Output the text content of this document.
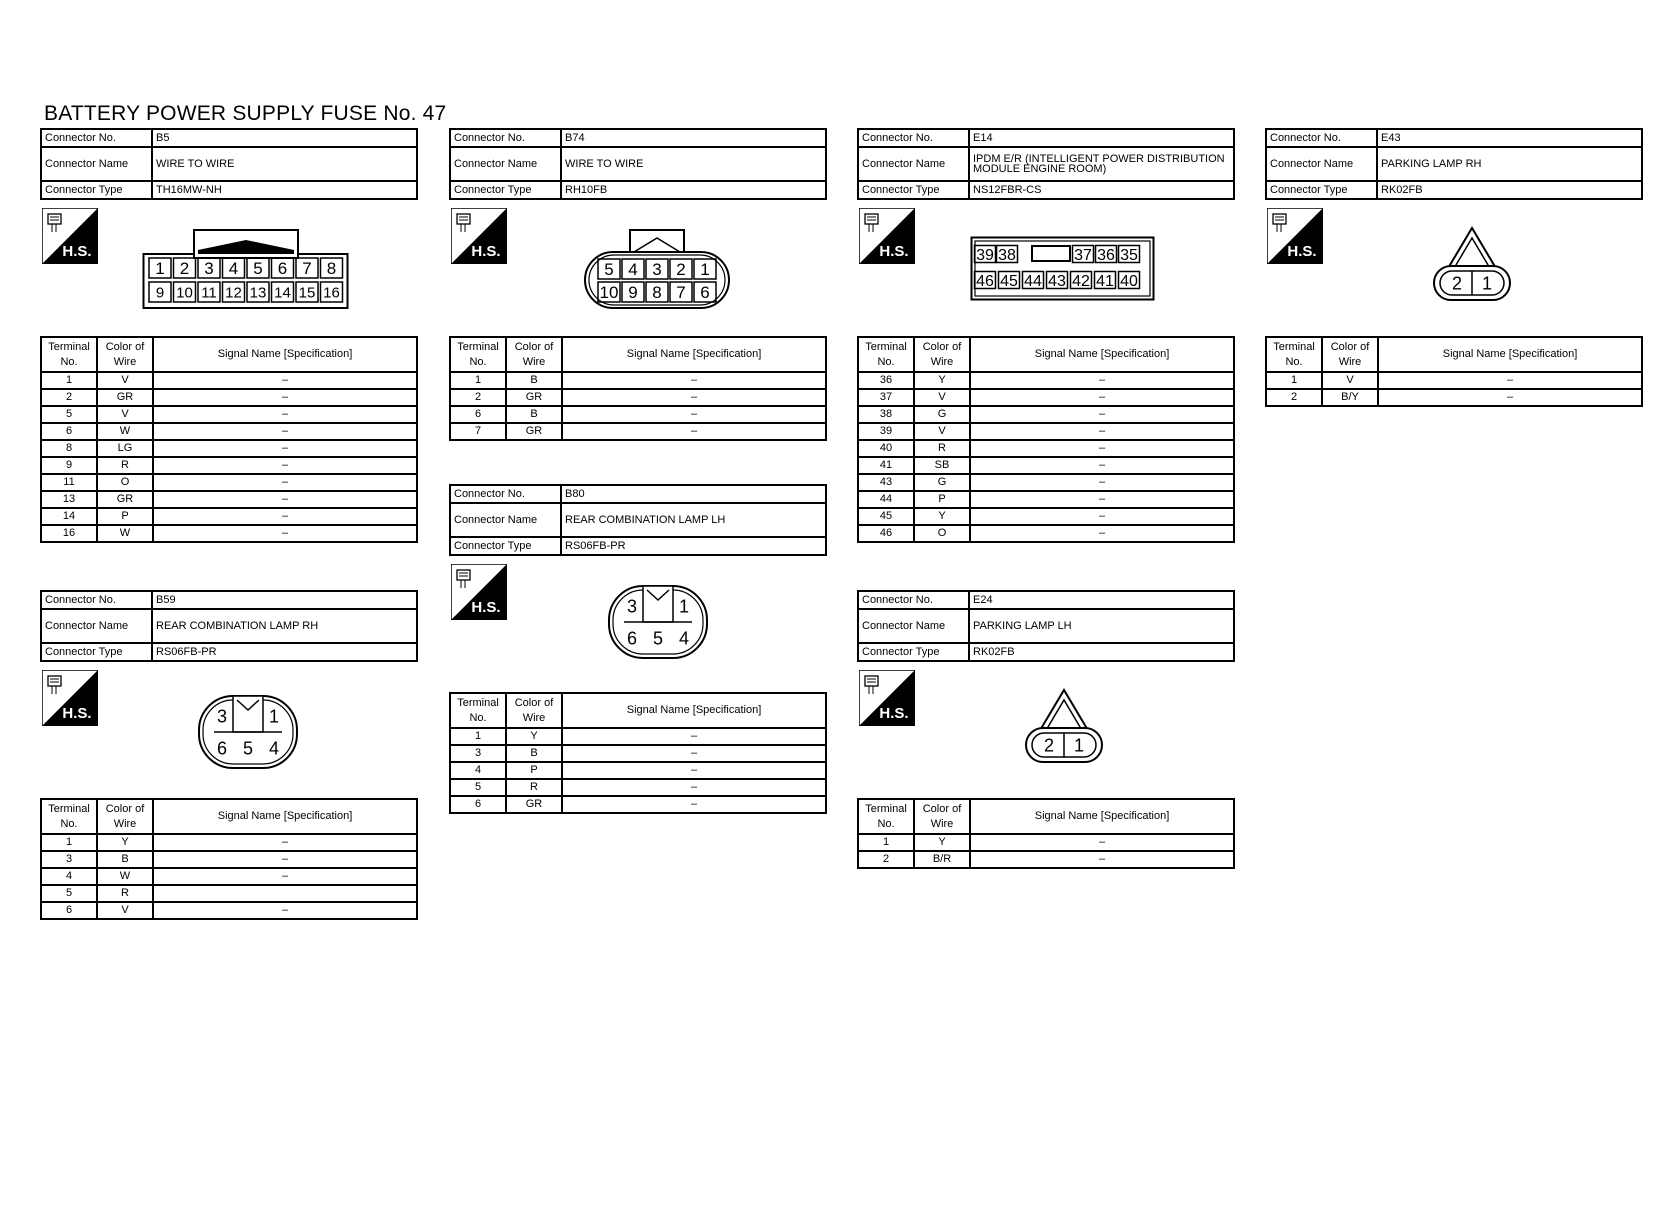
BATTERY POWER SUPPLY FUSE No. 47
Connector No.	B5
Connector Name	WIRE TO WIRE
Connector Type	TH16MW-NH
H.S.
1
9
2
10
3
11
4
12
5
13
6
14
7
15
8
16
Terminal No.	Color of Wire	Signal Name [Specification]
1	V	–
2	GR	–
5	V	–
6	W	–
8	LG	–
9	R	–
11	O	–
13	GR	–
14	P	–
16	W	–
Connector No.	B74
Connector Name	WIRE TO WIRE
Connector Type	RH10FB
H.S.
5
10
4
9
3
8
2
7
1
6
Terminal No.	Color of Wire	Signal Name [Specification]
1	B	–
2	GR	–
6	B	–
7	GR	–
Connector No.	B80
Connector Name	REAR COMBINATION LAMP LH
Connector Type	RS06FB-PR
H.S.	3 1
6 5 4
Terminal No.	Color of Wire	Signal Name [Specification]
1	Y	–
3	B	–
4	P	–
5	R	–
6	GR	–
Connector No.	E14
Connector Name	IPDM E/R (INTELLIGENT POWER DISTRIBUTION MODULE ENGINE ROOM)
Connector Type	NS12FBR-CS
H.S.	39 38	37 36 35
46 45 44 43 42 41 40
Terminal No.	Color of Wire	Signal Name [Specification]
36	Y	–
37	V	–
38	G	–
39	V	–
40	R	–
41	SB	–
43	G	–
44	P	–
45	Y	–
46	O	–
Connector No.	E24
Connector Name	PARKING LAMP LH
Connector Type	RK02FB
H.S.
2 1
Terminal No.	Color of Wire	Signal Name [Specification]
1	Y	–
2	B/R	–
Connector No.	E43
Connector Name	PARKING LAMP RH
Connector Type	RK02FB
H.S.
2 1
Terminal No.	Color of Wire	Signal Name [Specification]
1	V	–
2	B/Y	–
Connector No.	B59
Connector Name	REAR COMBINATION LAMP RH
Connector Type	RS06FB-PR
H.S.	3 1
6 5 4
Terminal No.	Color of Wire	Signal Name [Specification]
1	Y	–
3	B	–
4	W	–
5	R	
6	V	–
